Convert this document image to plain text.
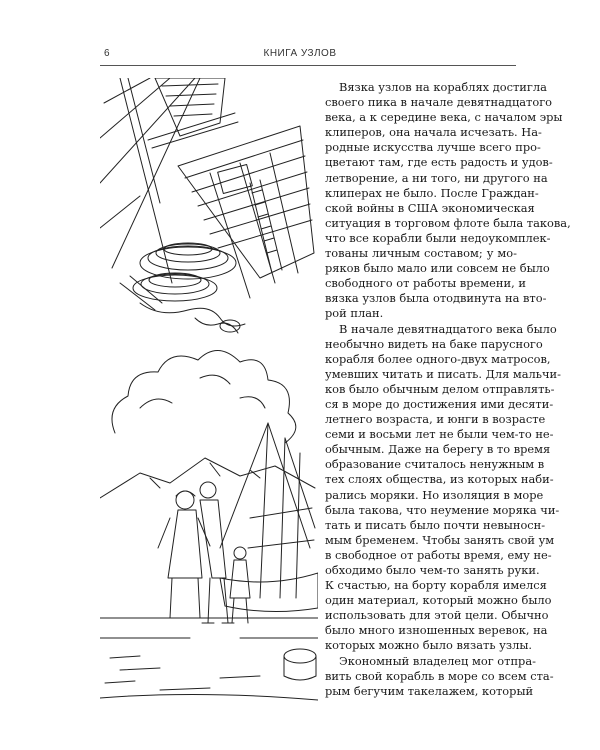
6	КНИГА УЗЛОВ

Вязка узлов на кораблях достигла
своего пика в начале девятнадцатого
века, а к середине века, с началом эры
клиперов, она начала исчезать. На-
родные искусства лучше всего про-
цветают там, где есть радость и удов-
летворение, а ни того, ни другого на
клиперах не было. После Граждан-
ской войны в США экономическая
ситуация в торговом флоте была такова,
что все корабли были недоукомплек-
тованы личным составом; у мо-
ряков было мало или совсем не было
свободного от работы времени, и
вязка узлов была отодвинута на вто-
рой план.

В начале девятнадцатого века было
необычно видеть на баке парусного
корабля более одного-двух матросов,
умевших читать и писать. Для мальчи-
ков было обычным делом отправлять-
ся в море до достижения ими десяти-
летнего возраста, и юнги в возрасте
семи и восьми лет не были чем-то не-
обычным. Даже на берегу в то время
образование считалось ненужным в
тех слоях общества, из которых наби-
рались моряки. Но изоляция в море
была такова, что неумение моряка чи-
тать и писать было почти невыносн-
мым бременем. Чтобы занять свой ум
в свободное от работы время, ему не-
обходимо было чем-то занять руки.
К счастью, на борту корабля имелся
один материал, который можно было
использовать для этой цели. Обычно
было много изношенных веревок, на
которых можно было вязать узлы.

Экономный владелец мог отпра-
вить свой корабль в море со всем ста-
рым бегучим такелажем, который
